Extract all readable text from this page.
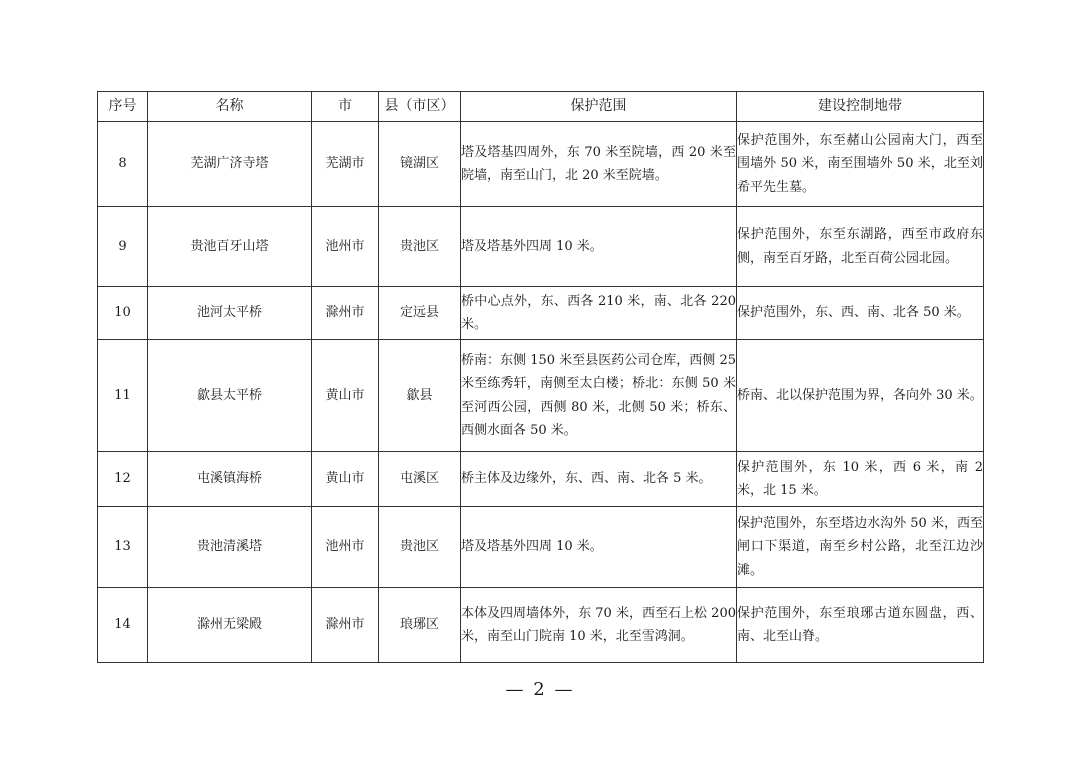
序号	名称	市	县（市区）	保护范围	建设控制地带
8	芜湖广济寺塔	芜湖市	镜湖区	塔及塔基四周外，东 70 米至院墙，西 20 米至院墙，南至山门，北 20 米至院墙。	保护范围外，东至赭山公园南大门，西至围墙外 50 米，南至围墙外 50 米，北至刘希平先生墓。
9	贵池百牙山塔	池州市	贵池区	塔及塔基外四周 10 米。	保护范围外，东至东湖路，西至市政府东侧，南至百牙路，北至百荷公园北园。
10	池河太平桥	滁州市	定远县	桥中心点外，东、西各 210 米，南、北各 220 米。	保护范围外，东、西、南、北各 50 米。
11	歙县太平桥	黄山市	歙县	桥南：东侧 150 米至县医药公司仓库，西侧 25 米至练秀轩，南侧至太白楼；桥北：东侧 50 米至河西公园，西侧 80 米，北侧 50 米；桥东、西侧水面各 50 米。	桥南、北以保护范围为界，各向外 30 米。
12	屯溪镇海桥	黄山市	屯溪区	桥主体及边缘外，东、西、南、北各 5 米。	保护范围外，东 10 米，西 6 米，南 2 米，北 15 米。
13	贵池清溪塔	池州市	贵池区	塔及塔基外四周 10 米。	保护范围外，东至塔边水沟外 50 米，西至闸口下渠道，南至乡村公路，北至江边沙滩。
14	滁州无梁殿	滁州市	琅琊区	本体及四周墙体外，东 70 米，西至石上松 200 米，南至山门院南 10 米，北至雪鸿洞。	保护范围外，东至琅琊古道东圆盘，西、南、北至山脊。
— 2 —
